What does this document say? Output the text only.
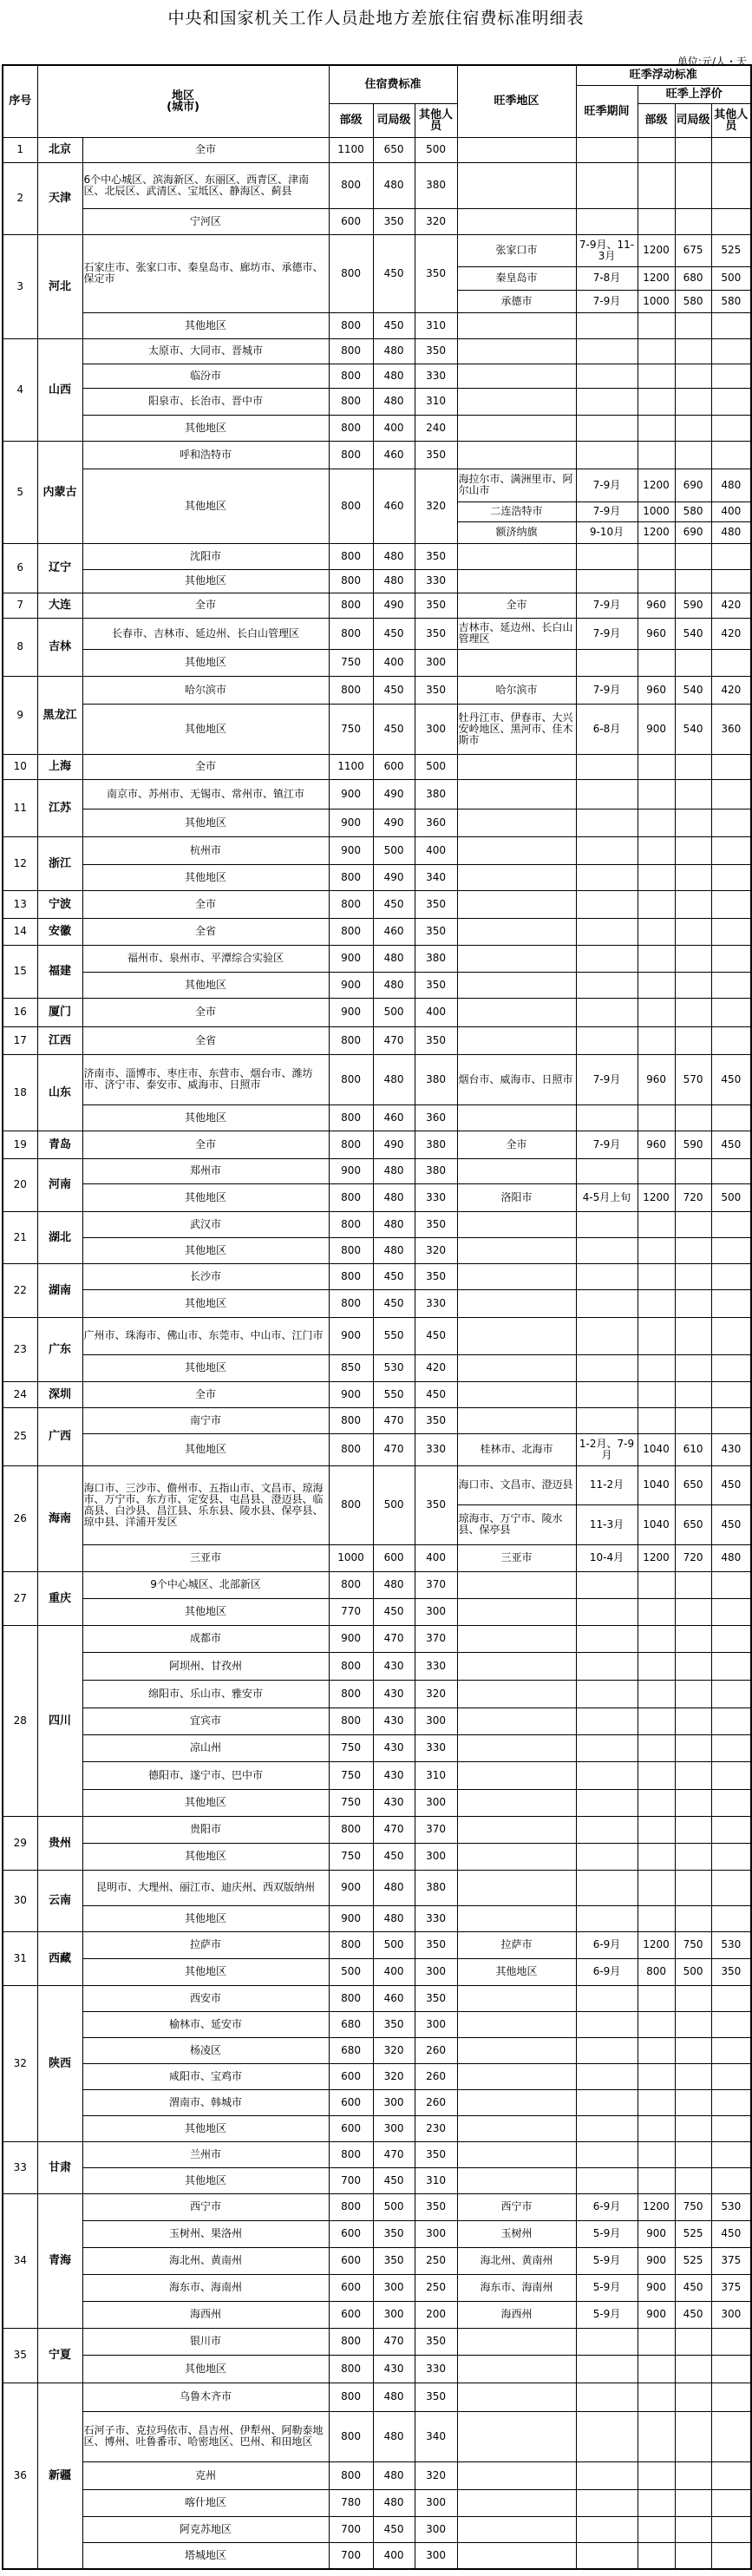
中央和国家机关工作人员赴地方差旅住宿费标准明细表
单位:元/人・天
序号	地区
(城市)		住宿费标准			旺季地区	旺季浮动标准			
							旺季期间	旺季上浮价		
			部级	司局级	其他人员			部级	司局级	其他人员
1	北京	全市	1100	650	500					
2	天津	6个中心城区、滨海新区、东丽区、西青区、津南区、北辰区、武清区、宝坻区、静海区、蓟县	800	480	380					
		宁河区	600	350	320					
3	河北	石家庄市、张家口市、秦皇岛市、廊坊市、承德市、保定市	800	450	350	张家口市	7-9月、11-3月	1200	675	525
						秦皇岛市	7-8月	1200	680	500
						承德市	7-9月	1000	580	580
		其他地区	800	450	310					
4	山西	太原市、大同市、晋城市	800	480	350					
		临汾市	800	480	330					
		阳泉市、长治市、晋中市	800	480	310					
		其他地区	800	400	240					
5	内蒙古	呼和浩特市	800	460	350					
		其他地区	800	460	320	海拉尔市、满洲里市、阿尔山市	7-9月	1200	690	480
						二连浩特市	7-9月	1000	580	400
						额济纳旗	9-10月	1200	690	480
6	辽宁	沈阳市	800	480	350					
		其他地区	800	480	330					
7	大连	全市	800	490	350	全市	7-9月	960	590	420
8	吉林	长春市、吉林市、延边州、长白山管理区	800	450	350	吉林市、延边州、长白山管理区	7-9月	960	540	420
		其他地区	750	400	300					
9	黑龙江	哈尔滨市	800	450	350	哈尔滨市	7-9月	960	540	420
		其他地区	750	450	300	牡丹江市、伊春市、大兴安岭地区、黑河市、佳木斯市	6-8月	900	540	360
10	上海	全市	1100	600	500					
11	江苏	南京市、苏州市、无锡市、常州市、镇江市	900	490	380					
		其他地区	900	490	360					
12	浙江	杭州市	900	500	400					
		其他地区	800	490	340					
13	宁波	全市	800	450	350					
14	安徽	全省	800	460	350					
15	福建	福州市、泉州市、平潭综合实验区	900	480	380					
		其他地区	900	480	350					
16	厦门	全市	900	500	400					
17	江西	全省	800	470	350					
18	山东	济南市、淄博市、枣庄市、东营市、烟台市、潍坊市、济宁市、泰安市、威海市、日照市	800	480	380	烟台市、威海市、日照市	7-9月	960	570	450
		其他地区	800	460	360					
19	青岛	全市	800	490	380	全市	7-9月	960	590	450
20	河南	郑州市	900	480	380					
		其他地区	800	480	330	洛阳市	4-5月上旬	1200	720	500
21	湖北	武汉市	800	480	350					
		其他地区	800	480	320					
22	湖南	长沙市	800	450	350					
		其他地区	800	450	330					
23	广东	广州市、珠海市、佛山市、东莞市、中山市、江门市	900	550	450					
		其他地区	850	530	420					
24	深圳	全市	900	550	450					
25	广西	南宁市	800	470	350					
		其他地区	800	470	330	桂林市、北海市	1-2月、7-9月	1040	610	430
26	海南	海口市、三沙市、儋州市、五指山市、文昌市、琼海市、万宁市、东方市、定安县、屯昌县、澄迈县、临高县、白沙县、昌江县、乐东县、陵水县、保亭县、琼中县、洋浦开发区	800	500	350	海口市、文昌市、澄迈县	11-2月	1040	650	450
						琼海市、万宁市、陵水县、保亭县	11-3月	1040	650	450
		三亚市	1000	600	400	三亚市	10-4月	1200	720	480
27	重庆	9个中心城区、北部新区	800	480	370					
		其他地区	770	450	300					
28	四川	成都市	900	470	370					
		阿坝州、甘孜州	800	430	330					
		绵阳市、乐山市、雅安市	800	430	320					
		宜宾市	800	430	300					
		凉山州	750	430	330					
		德阳市、遂宁市、巴中市	750	430	310					
		其他地区	750	430	300					
29	贵州	贵阳市	800	470	370					
		其他地区	750	450	300					
30	云南	昆明市、大理州、丽江市、迪庆州、西双版纳州	900	480	380					
		其他地区	900	480	330					
31	西藏	拉萨市	800	500	350	拉萨市	6-9月	1200	750	530
		其他地区	500	400	300	其他地区	6-9月	800	500	350
32	陕西	西安市	800	460	350					
		榆林市、延安市	680	350	300					
		杨凌区	680	320	260					
		咸阳市、宝鸡市	600	320	260					
		渭南市、韩城市	600	300	260					
		其他地区	600	300	230					
33	甘肃	兰州市	800	470	350					
		其他地区	700	450	310					
34	青海	西宁市	800	500	350	西宁市	6-9月	1200	750	530
		玉树州、果洛州	600	350	300	玉树州	5-9月	900	525	450
		海北州、黄南州	600	350	250	海北州、黄南州	5-9月	900	525	375
		海东市、海南州	600	300	250	海东市、海南州	5-9月	900	450	375
		海西州	600	300	200	海西州	5-9月	900	450	300
35	宁夏	银川市	800	470	350					
		其他地区	800	430	330					
36	新疆	乌鲁木齐市	800	480	350					
		石河子市、克拉玛依市、昌吉州、伊犁州、阿勒泰地区、博州、吐鲁番市、哈密地区、巴州、和田地区	800	480	340					
		克州	800	480	320					
		喀什地区	780	480	300					
		阿克苏地区	700	450	300					
		塔城地区	700	400	300					
